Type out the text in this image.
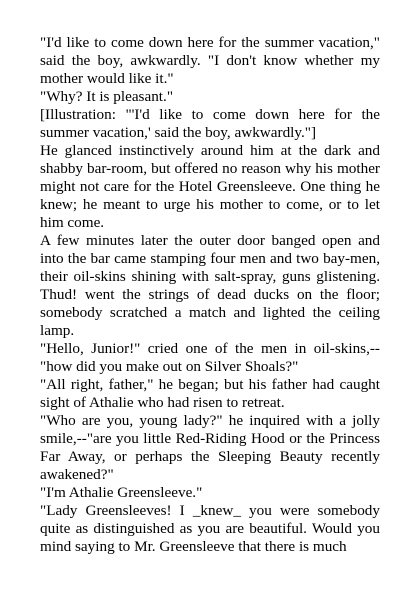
"I'd like to come down here for the summer vacation," said the boy, awkwardly. "I don't know whether my mother would like it."

"Why? It is pleasant."

[Illustration: "'I'd like to come down here for the summer vacation,' said the boy, awkwardly."]

He glanced instinctively around him at the dark and shabby bar-room, but offered no reason why his mother might not care for the Hotel Greensleeve. One thing he knew; he meant to urge his mother to come, or to let him come.

A few minutes later the outer door banged open and into the bar came stamping four men and two bay-men, their oil-skins shining with salt-spray, guns glistening. Thud! went the strings of dead ducks on the floor; somebody scratched a match and lighted the ceiling lamp.

"Hello, Junior!" cried one of the men in oil-skins,--"how did you make out on Silver Shoals?"

"All right, father," he began; but his father had caught sight of Athalie who had risen to retreat.

"Who are you, young lady?" he inquired with a jolly smile,--"are you little Red-Riding Hood or the Princess Far Away, or perhaps the Sleeping Beauty recently awakened?"

"I'm Athalie Greensleeve."

"Lady Greensleeves! I _knew_ you were somebody quite as distinguished as you are beautiful. Would you mind saying to Mr. Greensleeve that there is much
